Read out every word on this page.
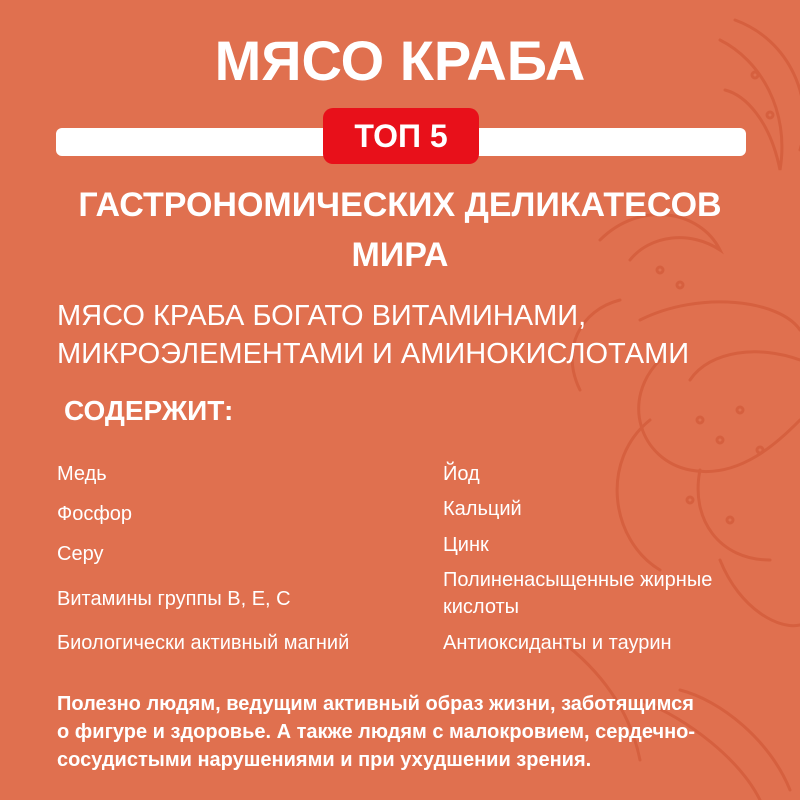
МЯСО КРАБА
ТОП 5
ГАСТРОНОМИЧЕСКИХ ДЕЛИКАТЕСОВ
МИРА
МЯСО КРАБА БОГАТО ВИТАМИНАМИ,
МИКРОЭЛЕМЕНТАМИ И АМИНОКИСЛОТАМИ
СОДЕРЖИТ:
Медь
Фосфор
Серу
Витамины группы В, Е, С
Биологически активный магний
Йод
Кальций
Цинк
Полиненасыщенные жирные
кислоты
Антиоксиданты и таурин
Полезно людям, ведущим активный образ жизни, заботящимся
о фигуре и здоровье. А также людям с малокровием, сердечно-
сосудистыми нарушениями и при ухудшении зрения.
